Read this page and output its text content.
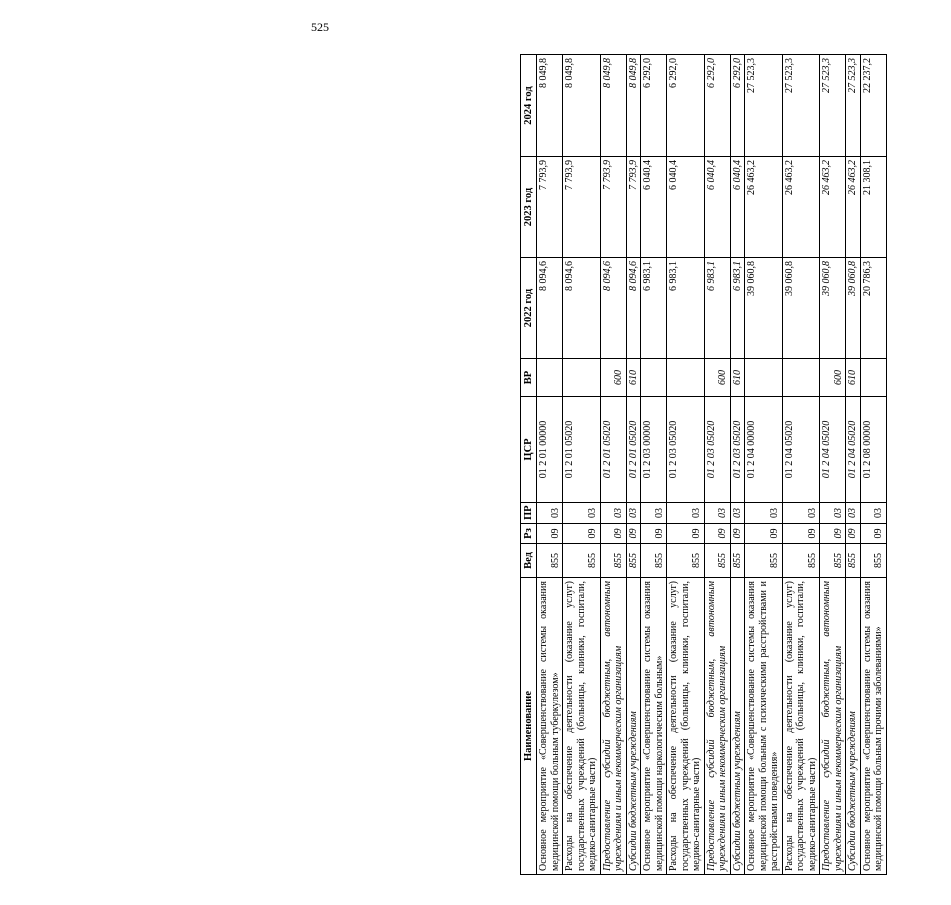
525
Наименование	Вед	Рз	ПР	ЦСР	ВР	2022 год	2023 год	2024 год
Основное мероприятие «Совершенствование системы оказания медицинской помощи больным туберкулезом»	855	09	03	01 2 01 00000		8 094,6	7 793,9	8 049,8
Расходы на обеспечение деятельности (оказание услуг) государственных учреждений (больницы, клиники, госпитали, медико-санитарные части)	855	09	03	01 2 01 05020		8 094,6	7 793,9	8 049,8
Предоставление субсидий бюджетным, автономным учреждениям и иным некоммерческим организациям	855	09	03	01 2 01 05020	600	8 094,6	7 793,9	8 049,8
Субсидии бюджетным учреждениям	855	09	03	01 2 01 05020	610	8 094,6	7 793,9	8 049,8
Основное мероприятие «Совершенствование системы оказания медицинской помощи наркологическим больным»	855	09	03	01 2 03 00000		6 983,1	6 040,4	6 292,0
Расходы на обеспечение деятельности (оказание услуг) государственных учреждений (больницы, клиники, госпитали, медико-санитарные части)	855	09	03	01 2 03 05020		6 983,1	6 040,4	6 292,0
Предоставление субсидий бюджетным, автономным учреждениям и иным некоммерческим организациям	855	09	03	01 2 03 05020	600	6 983,1	6 040,4	6 292,0
Субсидии бюджетным учреждениям	855	09	03	01 2 03 05020	610	6 983,1	6 040,4	6 292,0
Основное мероприятие «Совершенствование системы оказания медицинской помощи больным с психическими расстройствами и расстройствами поведения»	855	09	03	01 2 04 00000		39 060,8	26 463,2	27 523,3
Расходы на обеспечение деятельности (оказание услуг) государственных учреждений (больницы, клиники, госпитали, медико-санитарные части)	855	09	03	01 2 04 05020		39 060,8	26 463,2	27 523,3
Предоставление субсидий бюджетным, автономным учреждениям и иным некоммерческим организациям	855	09	03	01 2 04 05020	600	39 060,8	26 463,2	27 523,3
Субсидии бюджетным учреждениям	855	09	03	01 2 04 05020	610	39 060,8	26 463,2	27 523,3
Основное мероприятие «Совершенствование системы оказания медицинской помощи больным прочими заболеваниями»	855	09	03	01 2 08 00000		20 786,3	21 308,1	22 237,2
